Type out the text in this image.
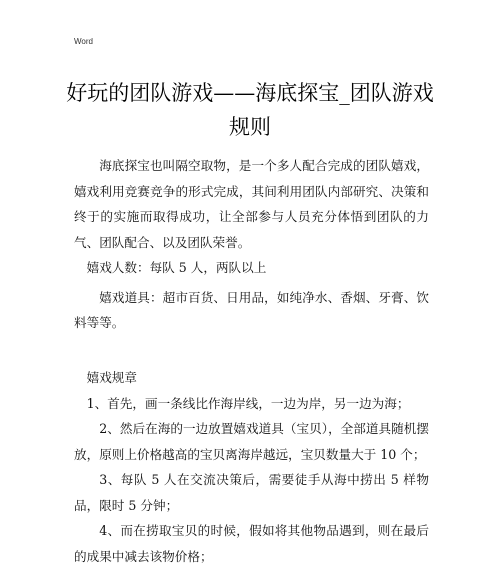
Word
好玩的团队游戏——海底探宝_团队游戏规则

海底探宝也叫隔空取物，是一个多人配合完成的团队嬉戏，嬉戏利用竞赛竞争的形式完成，其间利用团队内部研究、决策和终于的实施而取得成功，让全部参与人员充分体悟到团队的力气、团队配合、以及团队荣誉。

嬉戏人数：每队 5 人，两队以上

嬉戏道具：超市百货、日用品，如纯净水、香烟、牙膏、饮料等等。

嬉戏规章

1、首先，画一条线比作海岸线，一边为岸，另一边为海；

2、然后在海的一边放置嬉戏道具（宝贝），全部道具随机摆放，原则上价格越高的宝贝离海岸越远，宝贝数量大于 10 个；

3、每队 5 人在交流决策后，需要徒手从海中捞出 5 样物品，限时 5 分钟；

4、而在捞取宝贝的时候，假如将其他物品遇到，则在最后的成果中减去该物价格；
